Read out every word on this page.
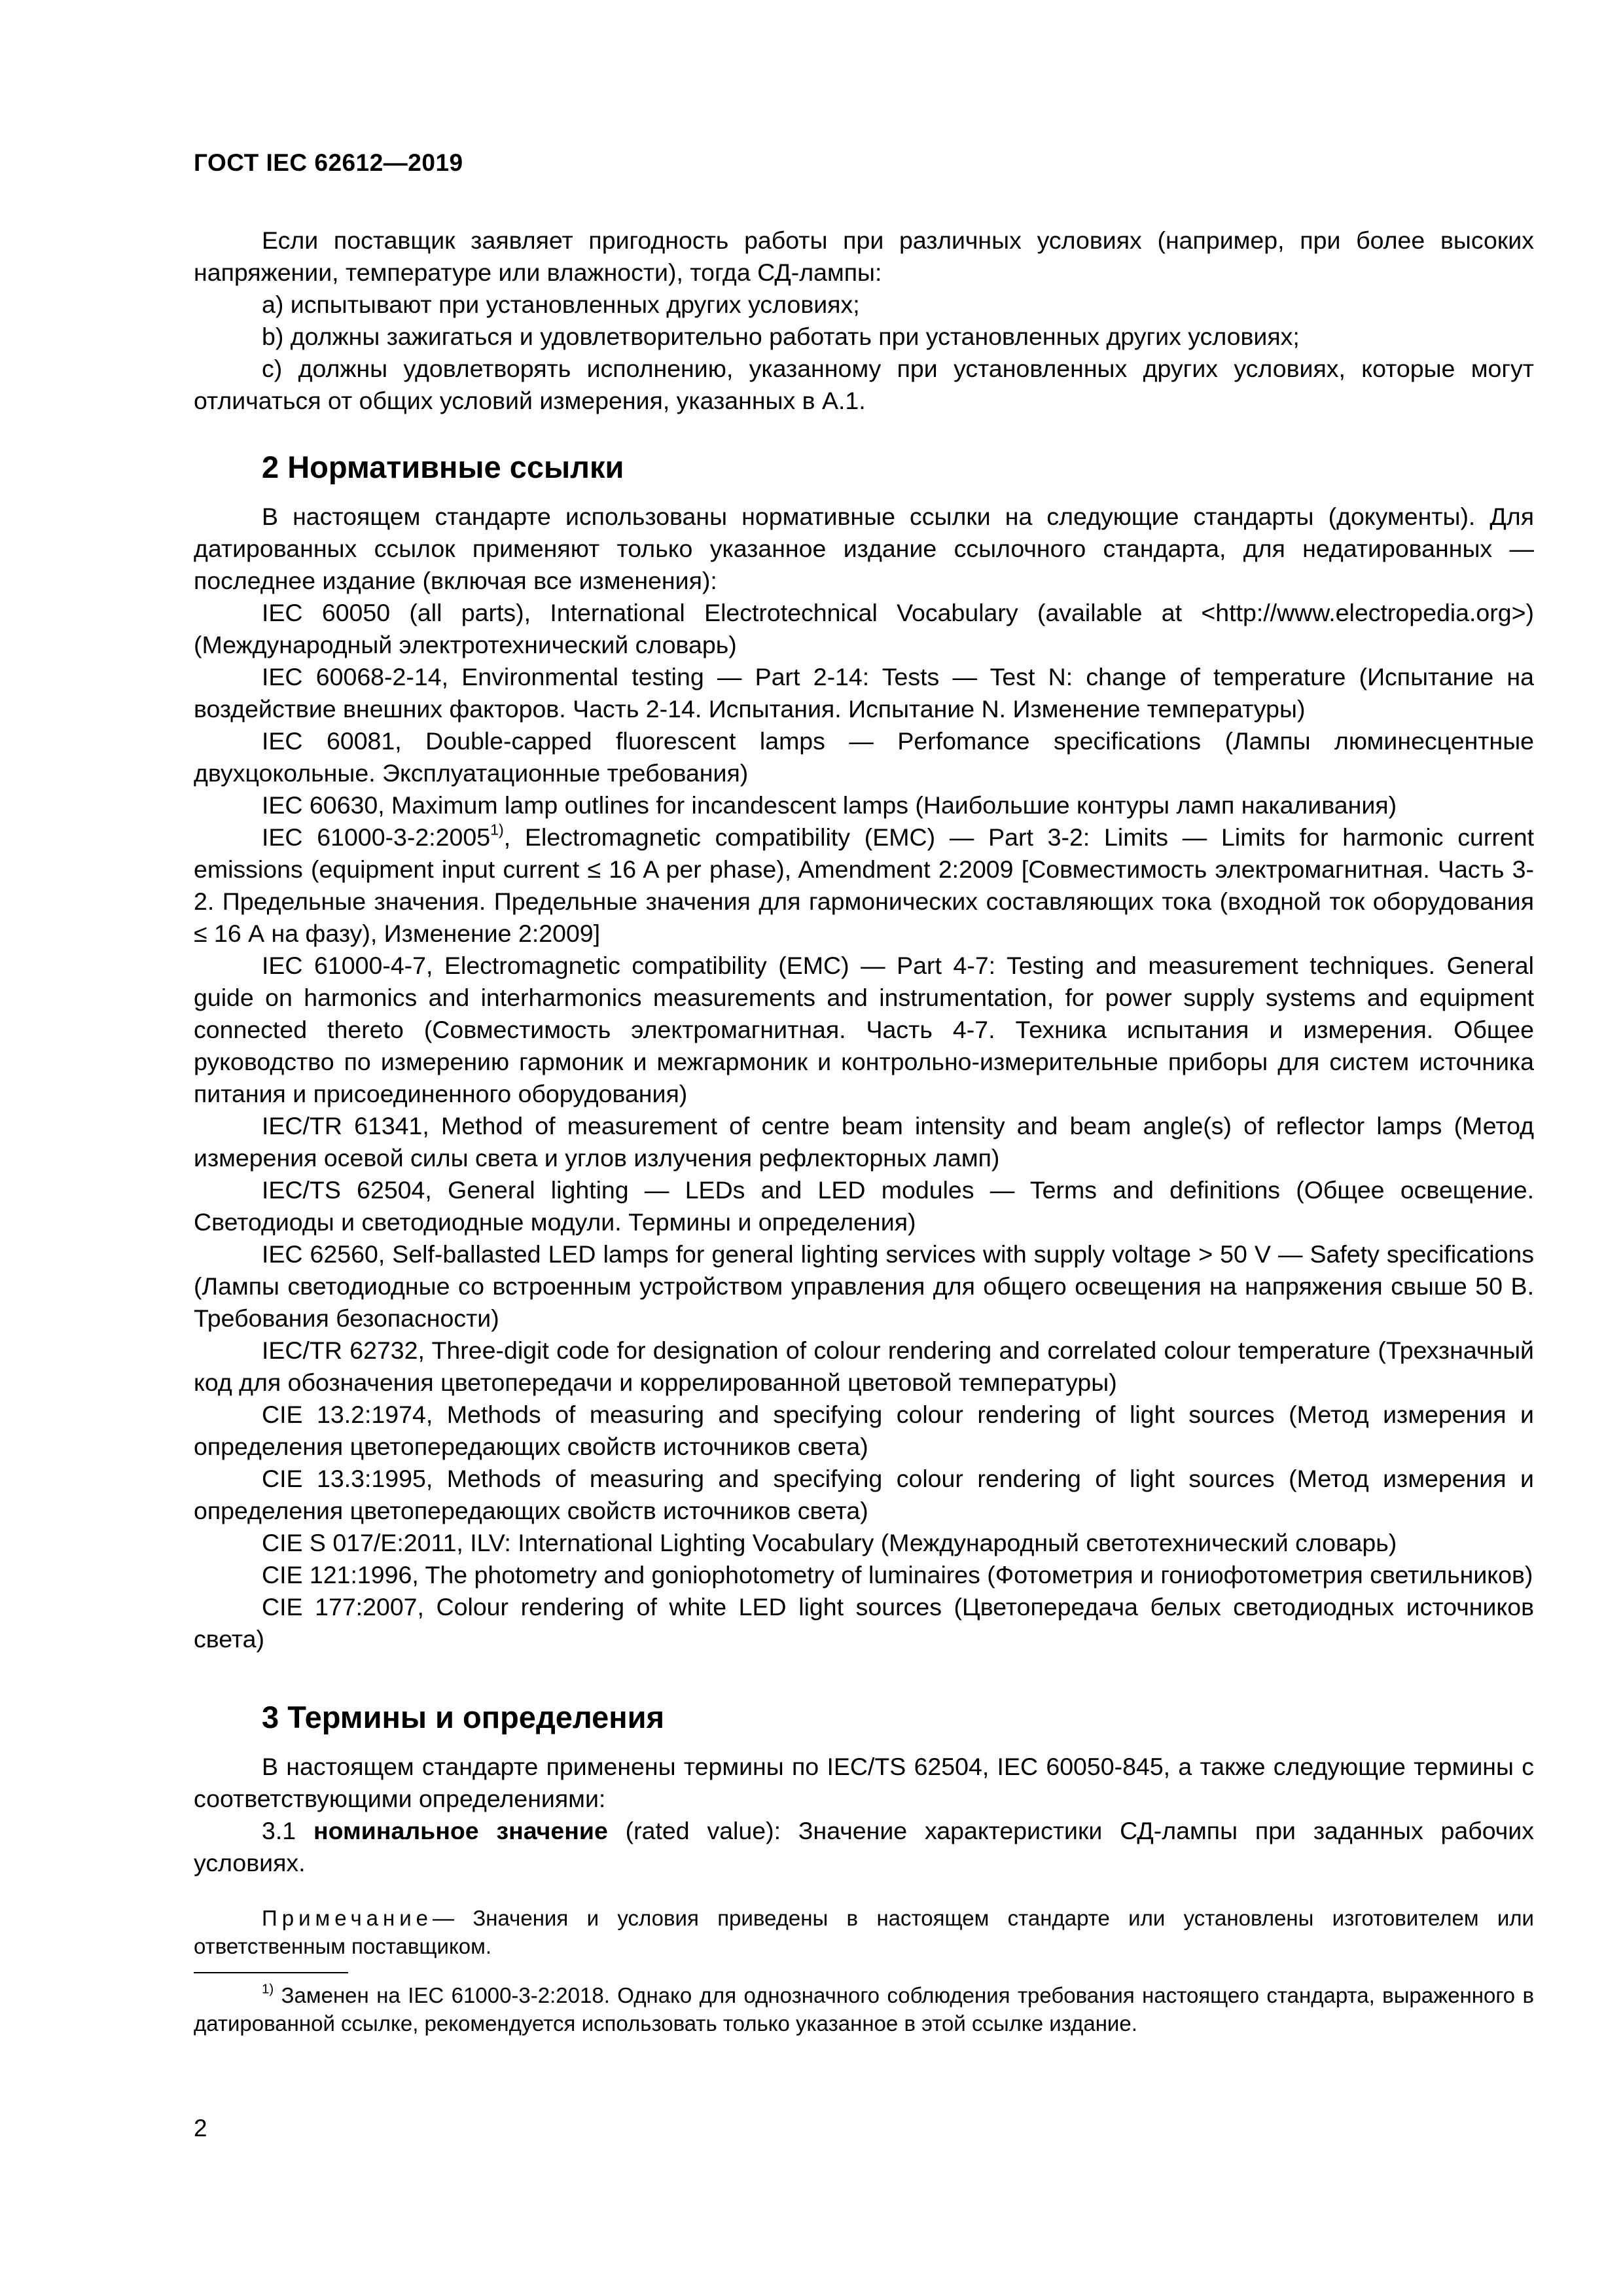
ГОСТ IEC 62612—2019

Если поставщик заявляет пригодность работы при различных условиях (например, при более высоких напряжении, температуре или влажности), тогда СД-лампы:

a) испытывают при установленных других условиях;

b) должны зажигаться и удовлетворительно работать при установленных других условиях;

c) должны удовлетворять исполнению, указанному при установленных других условиях, которые могут отличаться от общих условий измерения, указанных в А.1.

2 Нормативные ссылки

В настоящем стандарте использованы нормативные ссылки на следующие стандарты (документы). Для датированных ссылок применяют только указанное издание ссылочного стандарта, для недатированных — последнее издание (включая все изменения):

IEC 60050 (all parts), International Electrotechnical Vocabulary (available at <http://www.electropedia.org>) (Международный электротехнический словарь)

IEC 60068-2-14, Environmental testing — Part 2-14: Tests — Test N: change of temperature (Испытание на воздействие внешних факторов. Часть 2-14. Испытания. Испытание N. Изменение температуры)

IEC 60081, Double-capped fluorescent lamps — Perfomance specifications (Лампы люминесцентные двухцокольные. Эксплуатационные требования)

IEC 60630, Maximum lamp outlines for incandescent lamps (Наибольшие контуры ламп накаливания)

IEC 61000-3-2:2005$^{1)}$, Electromagnetic compatibility (EMC) — Part 3-2: Limits — Limits for harmonic current emissions (equipment input current ≤ 16 A per phase), Amendment 2:2009 [Совместимость электромагнитная. Часть 3-2. Предельные значения. Предельные значения для гармонических составляющих тока (входной ток оборудования ≤ 16 А на фазу), Изменение 2:2009]

IEC 61000-4-7, Electromagnetic compatibility (EMC) — Part 4-7: Testing and measurement techniques. General guide on harmonics and interharmonics measurements and instrumentation, for power supply systems and equipment connected thereto (Совместимость электромагнитная. Часть 4-7. Техника испытания и измерения. Общее руководство по измерению гармоник и межгармоник и контрольно-измерительные приборы для систем источника питания и присоединенного оборудования)

IEC/TR 61341, Method of measurement of centre beam intensity and beam angle(s) of reflector lamps (Метод измерения осевой силы света и углов излучения рефлекторных ламп)

IEC/TS 62504, General lighting — LEDs and LED modules — Terms and definitions (Общее освещение. Светодиоды и светодиодные модули. Термины и определения)

IEC 62560, Self-ballasted LED lamps for general lighting services with supply voltage > 50 V — Safety specifications (Лампы светодиодные со встроенным устройством управления для общего освещения на напряжения свыше 50 В. Требования безопасности)

IEC/TR 62732, Three-digit code for designation of colour rendering and correlated colour temperature (Трехзначный код для обозначения цветопередачи и коррелированной цветовой температуры)

CIE 13.2:1974, Methods of measuring and specifying colour rendering of light sources (Метод измерения и определения цветопередающих свойств источников света)

CIE 13.3:1995, Methods of measuring and specifying colour rendering of light sources (Метод измерения и определения цветопередающих свойств источников света)

CIE S 017/E:2011, ILV: International Lighting Vocabulary (Международный светотехнический словарь)

CIE 121:1996, The photometry and goniophotometry of luminaires (Фотометрия и гониофотометрия светильников)

CIE 177:2007, Colour rendering of white LED light sources (Цветопередача белых светодиодных источников света)

3 Термины и определения

В настоящем стандарте применены термины по IEC/TS 62504, IEC 60050-845, а также следующие термины с соответствующими определениями:

3.1 номинальное значение (rated value): Значение характеристики СД-лампы при заданных рабочих условиях.

Примечание— Значения и условия приведены в настоящем стандарте или установлены изготовителем или ответственным поставщиком.

$^{1)}$ Заменен на IEC 61000-3-2:2018. Однако для однозначного соблюдения требования настоящего стандарта, выраженного в датированной ссылке, рекомендуется использовать только указанное в этой ссылке издание.

2
